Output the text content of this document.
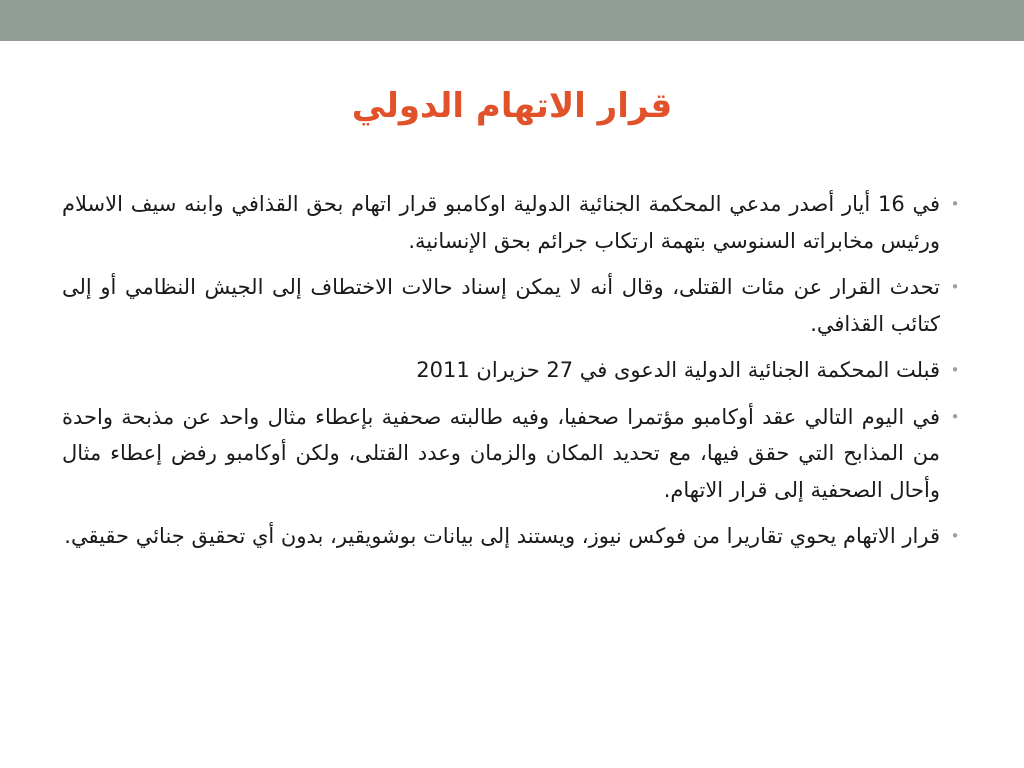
قرار الاتهام الدولي
•
في 16 أيار أصدر مدعي المحكمة الجنائية الدولية اوكامبو قرار اتهام بحق القذافي وابنه سيف الاسلام ورئيس مخابراته السنوسي بتهمة ارتكاب جرائم بحق الإنسانية.
•
تحدث القرار عن مئات القتلى، وقال أنه لا يمكن إسناد حالات الاختطاف إلى الجيش النظامي أو إلى كتائب القذافي.
•
قبلت المحكمة الجنائية الدولية الدعوى في 27 حزيران 2011
•
في اليوم التالي عقد أوكامبو مؤتمرا صحفيا، وفيه طالبته صحفية بإعطاء مثال واحد عن مذبحة واحدة من المذابح التي حقق فيها، مع تحديد المكان والزمان وعدد القتلى، ولكن أوكامبو رفض إعطاء مثال وأحال الصحفية إلى قرار الاتهام.
•
قرار الاتهام يحوي تقاريرا من فوكس نيوز، ويستند إلى بيانات بوشويقير، بدون أي تحقيق جنائي حقيقي.
